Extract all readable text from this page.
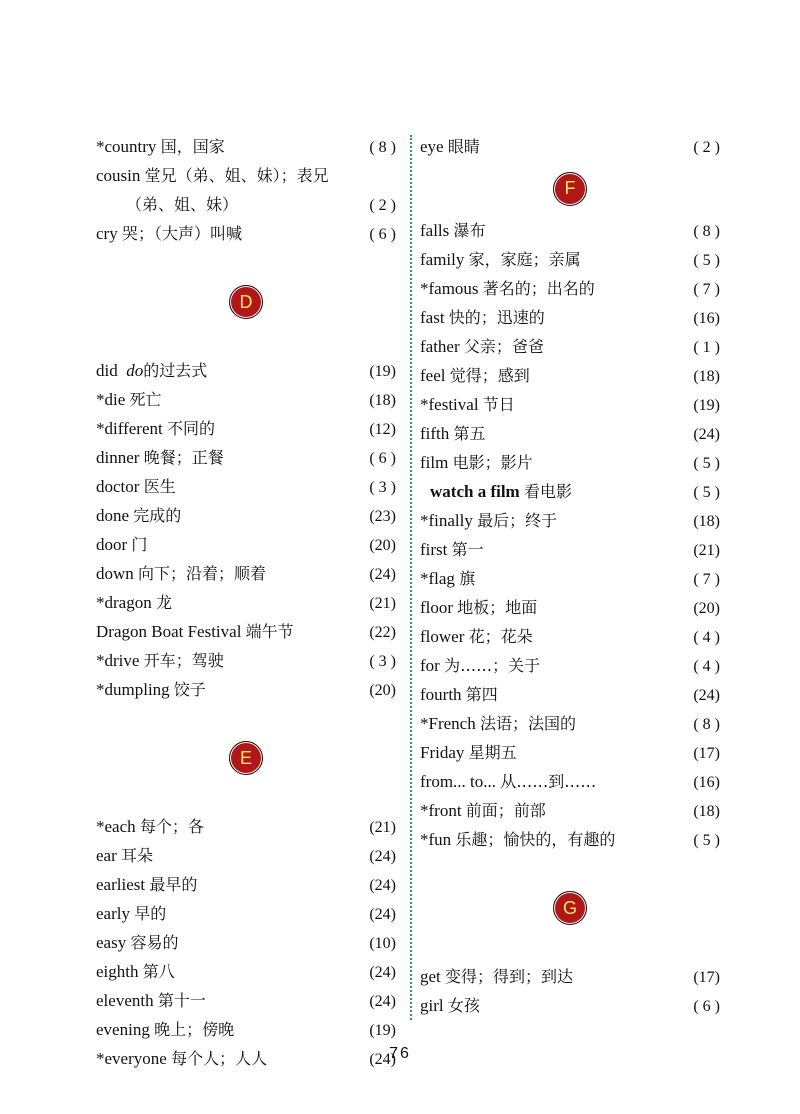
*country 国，国家	( 8 )
cousin 堂兄（弟、姐、妹）；表兄
（弟、姐、妹）	( 2 )
cry 哭；（大声）叫喊	( 6 )
D
did do的过去式	(19)
*die 死亡	(18)
*different 不同的	(12)
dinner 晚餐；正餐	( 6 )
doctor 医生	( 3 )
done 完成的	(23)
door 门	(20)
down 向下；沿着；顺着	(24)
*dragon 龙	(21)
Dragon Boat Festival 端午节	(22)
*drive 开车；驾驶	( 3 )
*dumpling 饺子	(20)
E
*each 每个；各	(21)
ear 耳朵	(24)
earliest 最早的	(24)
early 早的	(24)
easy 容易的	(10)
eighth 第八	(24)
eleventh 第十一	(24)
evening 晚上；傍晚	(19)
*everyone 每个人；人人	(24)
eye 眼睛	( 2 )
F
falls 瀑布	( 8 )
family 家，家庭；亲属	( 5 )
*famous 著名的；出名的	( 7 )
fast 快的；迅速的	(16)
father 父亲；爸爸	( 1 )
feel 觉得；感到	(18)
*festival 节日	(19)
fifth 第五	(24)
film 电影；影片	( 5 )
watch a film 看电影	( 5 )
*finally 最后；终于	(18)
first 第一	(21)
*flag 旗	( 7 )
floor 地板；地面	(20)
flower 花；花朵	( 4 )
for 为……；关于	( 4 )
fourth 第四	(24)
*French 法语；法国的	( 8 )
Friday 星期五	(17)
from... to... 从……到……	(16)
*front 前面；前部	(18)
*fun 乐趣；愉快的，有趣的	( 5 )
G
get 变得；得到；到达	(17)
girl 女孩	( 6 )
76
